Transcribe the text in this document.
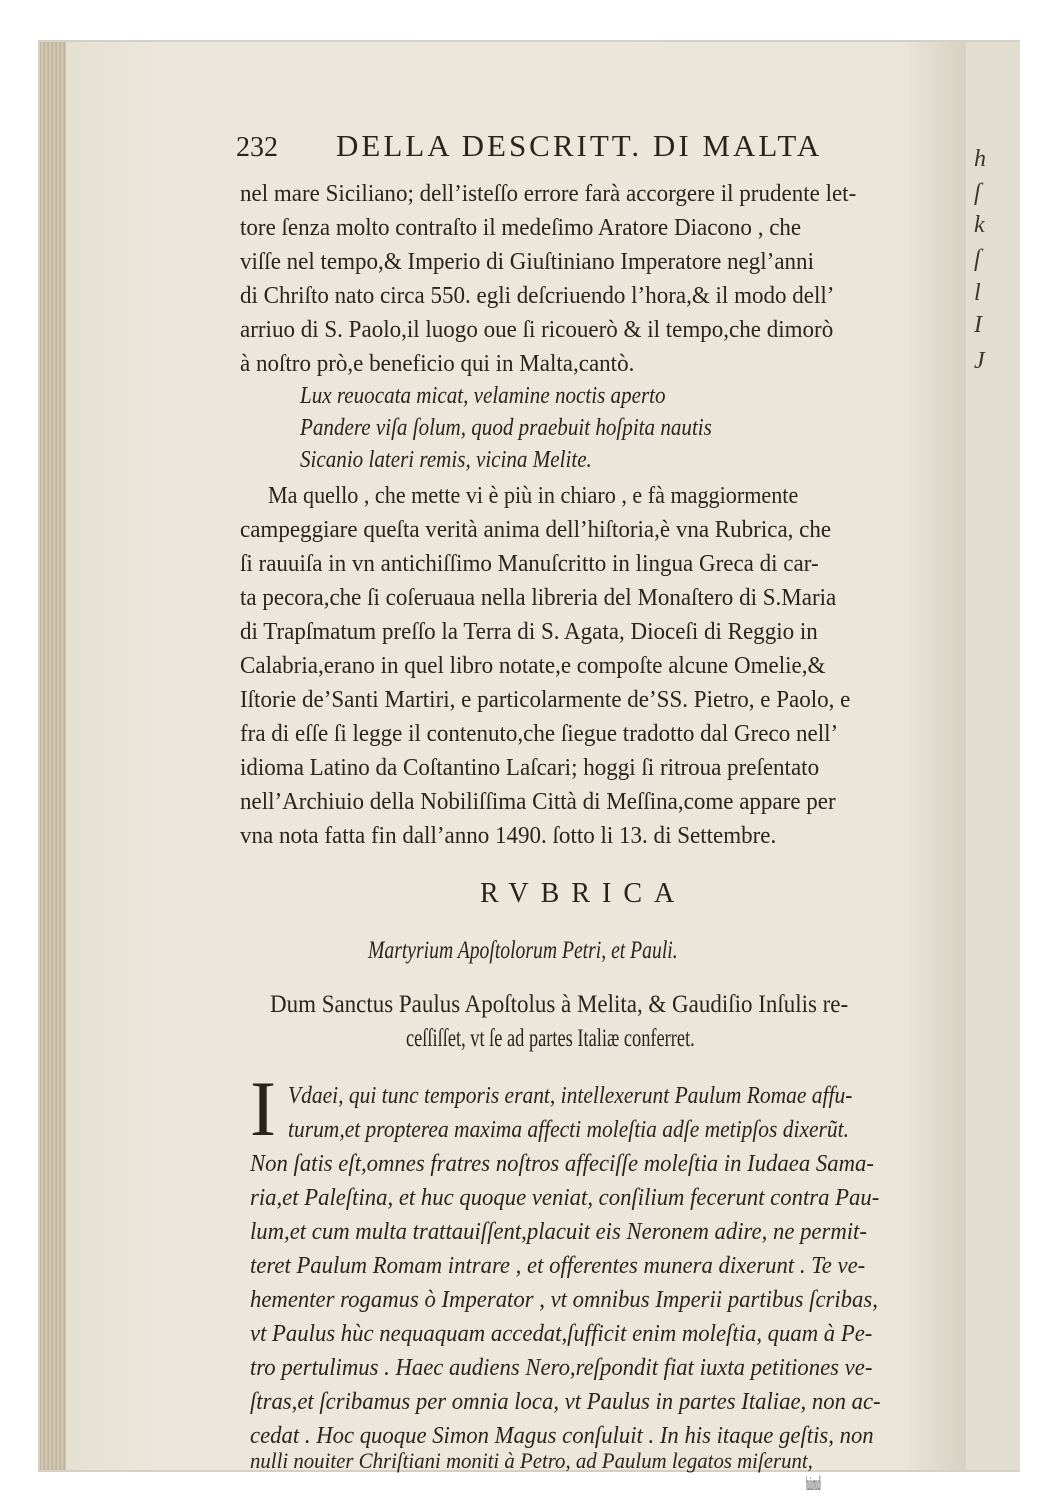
h
ſ
k
ſ
l
I
J
232 DELLA DESCRITT. DI MALTA
nel mare Siciliano; dell’isteſſo errore farà accorgere il prudente let-
tore ſenza molto contraſto il medeſimo Aratore Diacono , che
viſſe nel tempo,& Imperio di Giuſtiniano Imperatore negl’anni
di Chriſto nato circa 550. egli deſcriuendo l’hora,& il modo dell’
arriuo di S. Paolo,il luogo oue ſi ricouerò & il tempo,che dimorò
à noſtro prò,e beneficio qui in Malta,cantò.
Lux reuocata micat, velamine noctis aperto
Pandere viſa ſolum, quod praebuit hoſpita nautis
Sicanio lateri remis, vicina Melite.
Ma quello , che mette vi è più in chiaro , e fà maggiormente
campeggiare queſta verità anima dell’hiſtoria,è vna Rubrica, che
ſi rauuiſa in vn antichiſſimo Manuſcritto in lingua Greca di car-
ta pecora,che ſi coſeruaua nella libreria del Monaſtero di S.Maria
di Trapſmatum preſſo la Terra di S. Agata, Dioceſi di Reggio in
Calabria,erano in quel libro notate,e compoſte alcune Omelie,&
Iſtorie de’Santi Martiri, e particolarmente de’SS. Pietro, e Paolo, e
fra di eſſe ſi legge il contenuto,che ſiegue tradotto dal Greco nell’
idioma Latino da Coſtantino Laſcari; hoggi ſi ritroua preſentato
nell’Archiuio della Nobiliſſima Città di Meſſina,come appare per
vna nota fatta fin dall’anno 1490. ſotto li 13. di Settembre.
RVBRICA
Martyrium Apoſtolorum Petri, et Pauli.
Dum Sanctus Paulus Apoſtolus à Melita, & Gaudiſio Inſulis re-
ceſſiſſet, vt ſe ad partes Italiæ conferret.
I Vdaei, qui tunc temporis erant, intellexerunt Paulum Romae affu-
turum,et propterea maxima affecti moleſtia adſe metipſos dixerũt.
Non ſatis eſt,omnes fratres noſtros affeciſſe moleſtia in Iudaea Sama-
ria,et Paleſtina, et huc quoque veniat, conſilium fecerunt contra Pau-
lum,et cum multa trattauiſſent,placuit eis Neronem adire, ne permit-
teret Paulum Romam intrare , et offerentes munera dixerunt . Te ve-
hementer rogamus ò Imperator , vt omnibus Imperii partibus ſcribas,
vt Paulus hùc nequaquam accedat,ſufficit enim moleſtia, quam à Pe-
tro pertulimus . Haec audiens Nero,reſpondit fiat iuxta petitiones ve-
ſtras,et ſcribamus per omnia loca, vt Paulus in partes Italiae, non ac-
cedat . Hoc quoque Simon Magus conſuluit . In his itaque geſtis, non
nulli nouiter Chriſtiani moniti à Petro, ad Paulum legatos miſerunt,
huiumodi
